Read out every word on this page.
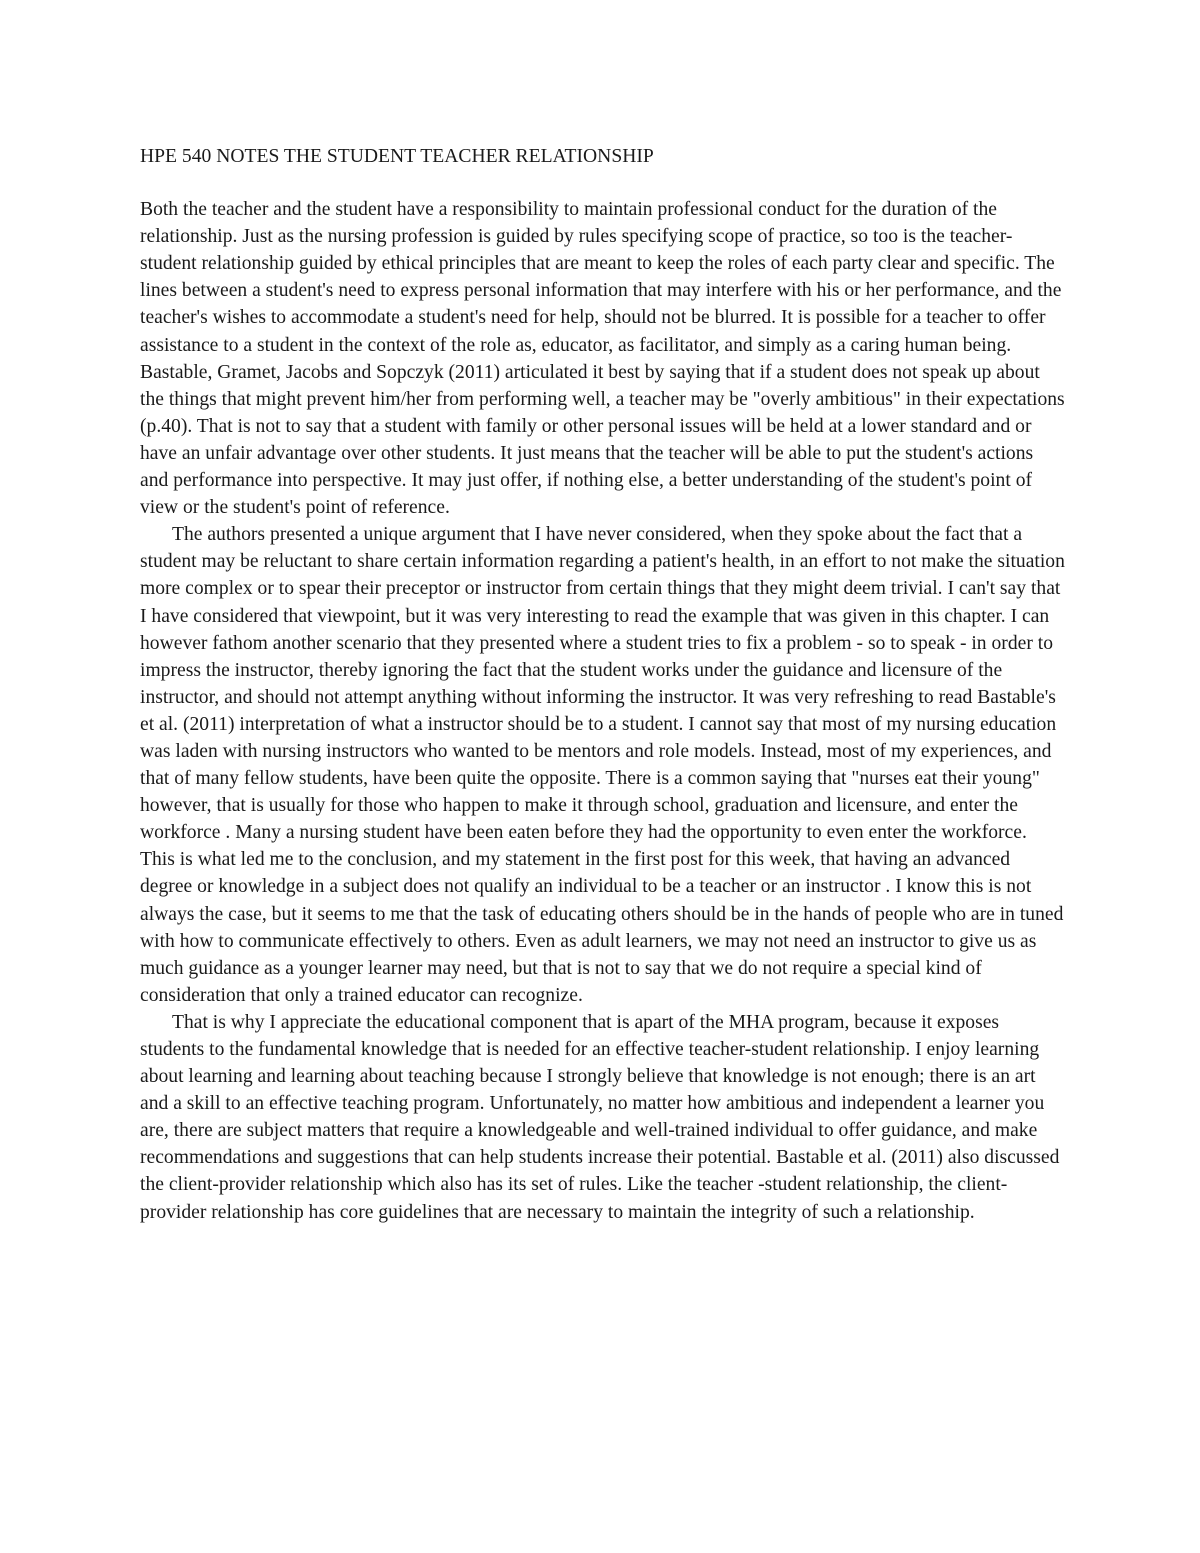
HPE 540 NOTES THE STUDENT TEACHER RELATIONSHIP

Both the teacher and the student have a responsibility to maintain professional conduct for the duration of the relationship. Just as the nursing profession is guided by rules specifying scope of practice, so too is the teacher-student relationship guided by ethical principles that are meant to keep the roles of each party clear and specific. The lines between a student's need to express personal information that may interfere with his or her performance, and the teacher's wishes to accommodate a student's need for help, should not be blurred. It is possible for a teacher to offer assistance to a student in the context of the role as, educator, as facilitator, and simply as a caring human being. Bastable, Gramet, Jacobs and Sopczyk (2011) articulated it best by saying that if a student does not speak up about the things that might prevent him/her from performing well, a teacher may be "overly ambitious" in their expectations (p.40). That is not to say that a student with family or other personal issues will be held at a lower standard and or have an unfair advantage over other students. It just means that the teacher will be able to put the student's actions and performance into perspective. It may just offer, if nothing else, a better understanding of the student's point of view or the student's point of reference.

The authors presented a unique argument that I have never considered, when they spoke about the fact that a student may be reluctant to share certain information regarding a patient's health, in an effort to not make the situation more complex or to spear their preceptor or instructor from certain things that they might deem trivial. I can't say that I have considered that viewpoint, but it was very interesting to read the example that was given in this chapter. I can however fathom another scenario that they presented where a student tries to fix a problem - so to speak - in order to impress the instructor, thereby ignoring the fact that the student works under the guidance and licensure of the instructor, and should not attempt anything without informing the instructor. It was very refreshing to read Bastable's et al. (2011) interpretation of what a instructor should be to a student. I cannot say that most of my nursing education was laden with nursing instructors who wanted to be mentors and role models. Instead, most of my experiences, and that of many fellow students, have been quite the opposite. There is a common saying that "nurses eat their young" however, that is usually for those who happen to make it through school, graduation and licensure, and enter the workforce . Many a nursing student have been eaten before they had the opportunity to even enter the workforce. This is what led me to the conclusion, and my statement in the first post for this week, that having an advanced degree or knowledge in a subject does not qualify an individual to be a teacher or an instructor . I know this is not always the case, but it seems to me that the task of educating others should be in the hands of people who are in tuned with how to communicate effectively to others. Even as adult learners, we may not need an instructor to give us as much guidance as a younger learner may need, but that is not to say that we do not require a special kind of consideration that only a trained educator can recognize.

That is why I appreciate the educational component that is apart of the MHA program, because it exposes students to the fundamental knowledge that is needed for an effective teacher-student relationship. I enjoy learning about learning and learning about teaching because I strongly believe that knowledge is not enough; there is an art and a skill to an effective teaching program. Unfortunately, no matter how ambitious and independent a learner you are, there are subject matters that require a knowledgeable and well-trained individual to offer guidance, and make recommendations and suggestions that can help students increase their potential. Bastable et al. (2011) also discussed the client-provider relationship which also has its set of rules. Like the teacher -student relationship, the client-provider relationship has core guidelines that are necessary to maintain the integrity of such a relationship.
